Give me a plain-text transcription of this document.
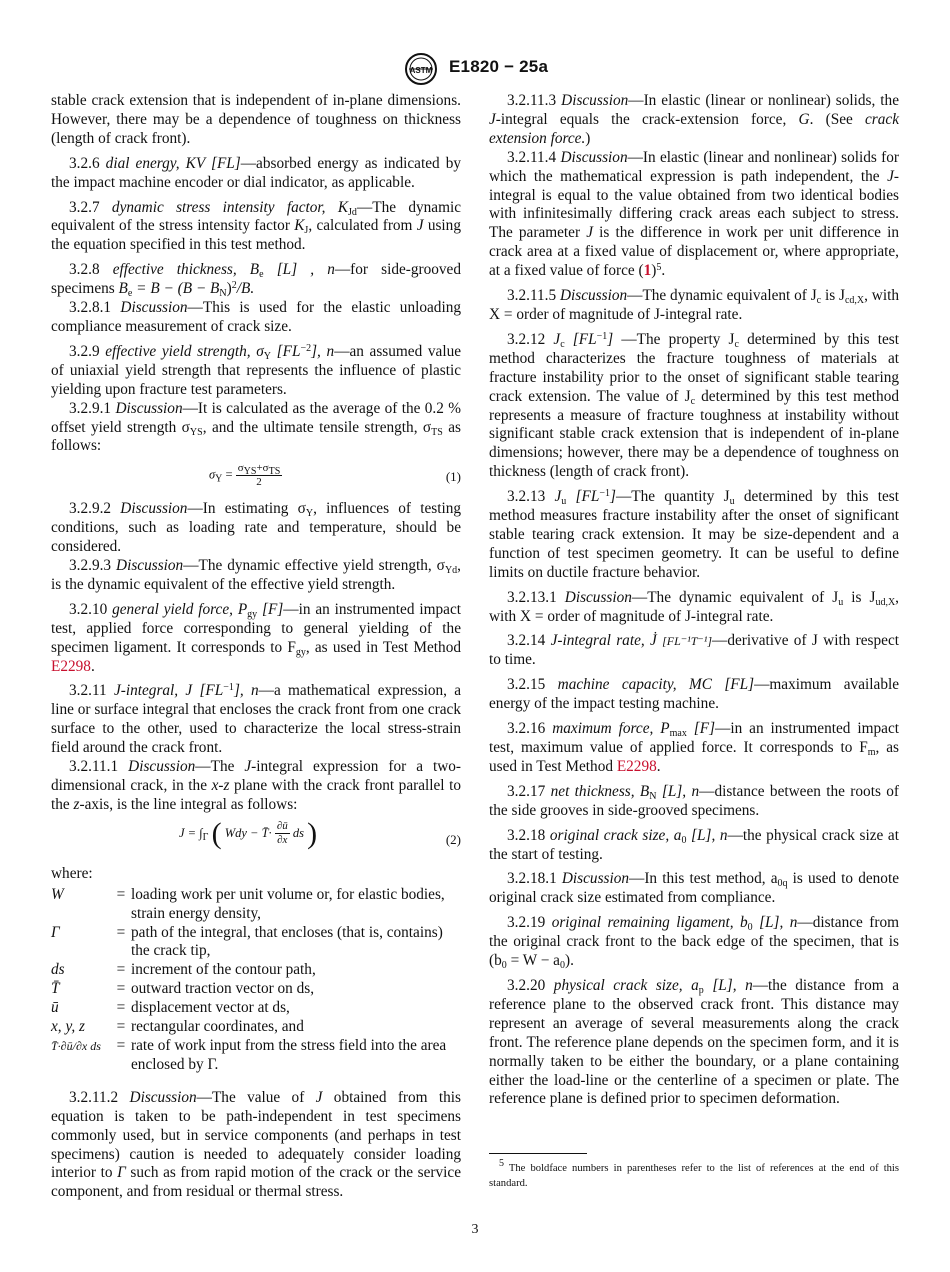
ASTM E1820 − 25a

stable crack extension that is independent of in-plane dimensions. However, there may be a dependence of toughness on thickness (length of crack front).

3.2.6 dial energy, KV [FL]—absorbed energy as indicated by the impact machine encoder or dial indicator, as applicable.

3.2.7 dynamic stress intensity factor, $K_{Jd}—The$ dynamic equivalent of the stress intensity factor $K_J$, calculated from J using the equation specified in this test method.

3.2.8 effective thickness, $B_e$ [L] , n—for side-grooved specimens $B_e = B - (B - B_N)^2/B$.

3.2.8.1 Discussion—This is used for the elastic unloading compliance measurement of crack size.

3.2.9 effective yield strength, $\sigma_Y$ $[FL^{-2}]$, n—an assumed value of uniaxial yield strength that represents the influence of plastic yielding upon fracture test parameters.

3.2.9.1 Discussion—It is calculated as the average of the 0.2 % offset yield strength $\sigma_{YS}$, and the ultimate tensile strength, $\sigma_{TS}$ as follows:

$\sigma_Y = \frac{\sigma_{YS}+\sigma_{TS}}{2}$	(1)

3.2.9.2 Discussion—In estimating $\sigma_Y$, influences of testing conditions, such as loading rate and temperature, should be considered.

3.2.9.3 Discussion—The dynamic effective yield strength, $\sigma_{Yd}$, is the dynamic equivalent of the effective yield strength.

3.2.10 general yield force, $P_{gy}$ [F]—in an instrumented impact test, applied force corresponding to general yielding of the specimen ligament. It corresponds to $F_{gy}$, as used in Test Method E2298.

3.2.11 J-integral, J $[FL^{-1}]$, n—a mathematical expression, a line or surface integral that encloses the crack front from one crack surface to the other, used to characterize the local stress-strain field around the crack front.

3.2.11.1 Discussion—The J-integral expression for a two-dimensional crack, in the x-z plane with the crack front parallel to the z-axis, is the line integral as follows:

$J = \int_\Gamma$ ( Wdy − T̄· $\frac{\partial ū}{\partial x}$ ds )	(2)

where:

W	=	loading work per unit volume or, for elastic bodies, strain energy density,
Γ	=	path of the integral, that encloses (that is, contains) the crack tip,
ds	=	increment of the contour path,
T̄	=	outward traction vector on ds,
ū	=	displacement vector at ds,
x, y, z	=	rectangular coordinates, and
T̄·∂ū/∂x ds	=	rate of work input from the stress field into the area enclosed by Γ.

3.2.11.2 Discussion—The value of J obtained from this equation is taken to be path-independent in test specimens commonly used, but in service components (and perhaps in test specimens) caution is needed to adequately consider loading interior to Γ such as from rapid motion of the crack or the service component, and from residual or thermal stress.

3.2.11.3 Discussion—In elastic (linear or nonlinear) solids, the J-integral equals the crack-extension force, G. (See crack extension force.)

3.2.11.4 Discussion—In elastic (linear and nonlinear) solids for which the mathematical expression is path independent, the J-integral is equal to the value obtained from two identical bodies with infinitesimally differing crack areas each subject to stress. The parameter J is the difference in work per unit difference in crack area at a fixed value of displacement or, where appropriate, at a fixed value of force $(1)^5$.

3.2.11.5 Discussion—The dynamic equivalent of $J_c$ is $J_{cd,X}$, with X = order of magnitude of J-integral rate.

3.2.12 $J_c$ $[FL^{-1}]$ —The property $J_c$ determined by this test method characterizes the fracture toughness of materials at fracture instability prior to the onset of significant stable tearing crack extension. The value of $J_c$ determined by this test method represents a measure of fracture toughness at instability without significant stable crack extension that is independent of in-plane dimensions; however, there may be a dependence of toughness on thickness (length of crack front).

3.2.13 $J_u$ $[FL^{-1}]—The$ quantity $J_u$ determined by this test method measures fracture instability after the onset of significant stable tearing crack extension. It may be size-dependent and a function of test specimen geometry. It can be useful to define limits on ductile fracture behavior.

3.2.13.1 Discussion—The dynamic equivalent of $J_u$ is $J_{ud,X}$, with X = order of magnitude of J-integral rate.

3.2.14 J-integral rate, J̇ [FL⁻¹T⁻¹]—derivative of J with respect to time.

3.2.15 machine capacity, MC [FL]—maximum available energy of the impact testing machine.

3.2.16 maximum force, $P_{max}$ [F]—in an instrumented impact test, maximum value of applied force. It corresponds to $F_m$, as used in Test Method E2298.

3.2.17 net thickness, $B_N$ [L], n—distance between the roots of the side grooves in side-grooved specimens.

3.2.18 original crack size, $a_0$ [L], n—the physical crack size at the start of testing.

3.2.18.1 Discussion—In this test method, $a_{0q}$ is used to denote original crack size estimated from compliance.

3.2.19 original remaining ligament, $b_0$ [L], n—distance from the original crack front to the back edge of the specimen, that is $(b_0 = W - a_0)$.

3.2.20 physical crack size, $a_p$ [L], n—the distance from a reference plane to the observed crack front. This distance may represent an average of several measurements along the crack front. The reference plane depends on the specimen form, and it is normally taken to be either the boundary, or a plane containing either the load-line or the centerline of a specimen or plate. The reference plane is defined prior to specimen deformation.

$^5$ The boldface numbers in parentheses refer to the list of references at the end of this standard.
3
